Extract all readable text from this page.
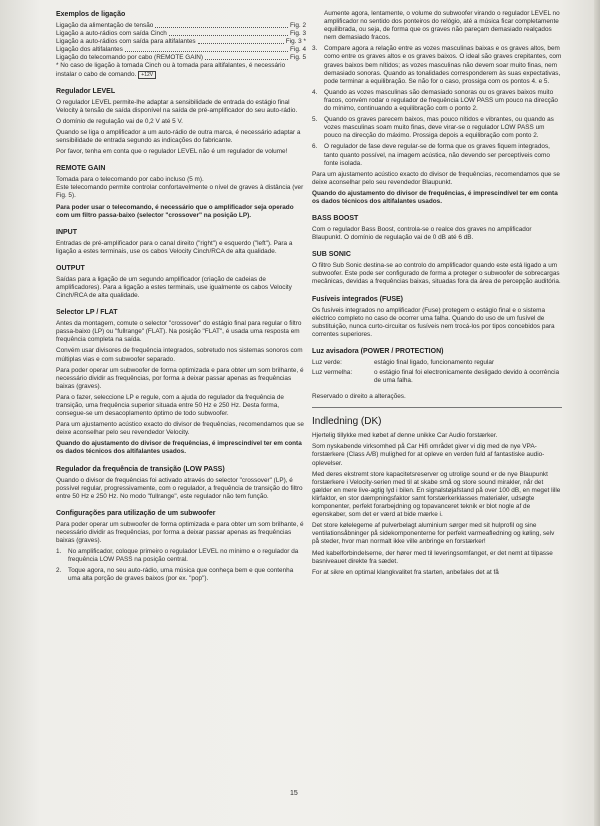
Exemplos de ligação
Ligação da alimentação de tensão	Fig. 2
Ligação a auto-rádios com saída Cinch	Fig. 3
Ligação a auto-rádios com saída para altifalantes	Fig. 3 *
Ligação dos altifalantes	Fig. 4
Ligação do telecomando por cabo (REMOTE GAIN)	Fig. 5

* No caso de ligação à tomada Cinch ou à tomada para altifalantes, é necessário instalar o cabo de comando. +12V

Regulador LEVEL

O regulador LEVEL permite-lhe adaptar a sensibilidade de entrada do estágio final Velocity à tensão de saída disponível na saída de pré-amplificador do seu auto-rádio.

O domínio de regulação vai de 0,2 V até 5 V.

Quando se liga o amplificador a um auto-rádio de outra marca, é necessário adaptar a sensibilidade de entrada segundo as indicações do fabricante.

Por favor, tenha em conta que o regulador LEVEL não é um regulador de volume!

REMOTE GAIN

Tomada para o telecomando por cabo incluso (5 m).

Este telecomando permite controlar confortavelmente o nível de graves à distância (ver Fig. 5).

Para poder usar o telecomando, é necessário que o amplificador seja operado com um filtro passa-baixo (selector "crossover" na posição LP).

INPUT

Entradas de pré-amplificador para o canal direito ("right") e esquerdo ("left"). Para a ligação a estes terminais, use os cabos Velocity Cinch/RCA de alta qualidade.

OUTPUT

Saídas para a ligação de um segundo amplificador (criação de cadeias de amplificadores). Para a ligação a estes terminais, use igualmente os cabos Velocity Cinch/RCA de alta qualidade.

Selector LP / FLAT

Antes da montagem, comute o selector "crossover" do estágio final para regular o filtro passa-baixo (LP) ou "fullrange" (FLAT). Na posição "FLAT", é usada uma resposta em frequência completa na saída.

Convém usar divisores de frequência integrados, sobretudo nos sistemas sonoros com múltiplas vias e com subwoofer separado.

Para poder operar um subwoofer de forma optimizada e para obter um som brilhante, é necessário dividir as frequências, por forma a deixar passar apenas as frequências baixas (graves).

Para o fazer, seleccione LP e regule, com a ajuda do regulador da frequência de transição, uma frequência superior situada entre 50 Hz e 250 Hz. Desta forma, consegue-se um desacoplamento óptimo de todo subwoofer.

Para um ajustamento acústico exacto do divisor de frequências, recomendamos que se deixe aconselhar pelo seu revendedor Velocity.

Quando do ajustamento do divisor de frequências, é imprescindível ter em conta os dados técnicos dos altifalantes usados.

Regulador da frequência de transição (LOW PASS)

Quando o divisor de frequências foi activado através do selector "crossover" (LP), é possível regular, progressivamente, com o regulador, a frequência de transição do filtro entre 50 Hz e 250 Hz. No modo "fullrange", este regulador não tem função.

Configurações para utilização de um subwoofer

Para poder operar um subwoofer de forma optimizada e para obter um som brilhante, é necessário dividir as frequências, por forma a deixar passar apenas as frequências baixas (graves).

1.	No amplificador, coloque primeiro o regulador LEVEL no mínimo e o regulador da frequência LOW PASS na posição central.
2.	Toque agora, no seu auto-rádio, uma música que conheça bem e que contenha uma alta porção de graves baixos (por ex. "pop").

Aumente agora, lentamente, o volume do subwoofer virando o regulador LEVEL no amplificador no sentido dos ponteiros do relógio, até a música ficar completamente equilibrada, ou seja, de forma que os graves não pareçam demasiado realçados nem demasiado fracos.

3.	Compare agora a relação entre as vozes masculinas baixas e os graves altos, bem como entre os graves altos e os graves baixos. O ideal são graves crepitantes, com graves baixos bem nítidos; as vozes masculinas não devem soar muito finas, nem demasiado sonoras. Quando as tonalidades corresponderem às suas expectativas, pode terminar a equilibração. Se não for o caso, prossiga com os pontos 4. e 5.
4.	Quando as vozes masculinas são demasiado sonoras ou os graves baixos muito fracos, convém rodar o regulador de frequência LOW PASS um pouco na direcção do mínimo, continuando a equilibração com o ponto 2.
5.	Quando os graves parecem baixos, mas pouco nítidos e vibrantes, ou quando as vozes masculinas soam muito finas, deve virar-se o regulador LOW PASS um pouco na direcção do máximo. Prossiga depois a equilibração com ponto 2.
6.	O regulador de fase deve regular-se de forma que os graves fiquem integrados, tanto quanto possível, na imagem acústica, não devendo ser perceptíveis como fonte isolada.

Para um ajustamento acústico exacto do divisor de frequências, recomendamos que se deixe aconselhar pelo seu revendedor Blaupunkt.

Quando do ajustamento do divisor de frequências, é imprescindível ter em conta os dados técnicos dos altifalantes usados.

BASS BOOST

Com o regulador Bass Boost, controla-se o realce dos graves no amplificador Blaupunkt. O domínio de regulação vai de 0 dB até 6 dB.

SUB SONIC

O filtro Sub Sonic destina-se ao controlo do amplificador quando este está ligado a um subwoofer. Este pode ser configurado de forma a proteger o subwoofer de sobrecargas mecânicas, devidas a frequências baixas, situadas fora da área de percepção auditória.

Fusíveis integrados (FUSE)

Os fusíveis integrados no amplificador (Fuse) protegem o estágio final e o sistema eléctrico completo no caso de ocorrer uma falha. Quando do uso de um fusível de substituição, nunca curto-circuitar os fusíveis nem trocá-los por tipos concebidos para correntes superiores.

Luz avisadora (POWER / PROTECTION)
Luz verde:	estágio final ligado, funcionamento regular
Luz vermelha:	o estágio final foi electronicamente desligado devido à ocorrência de uma falha.

Reservado o direito a alterações.

Indledning (DK)

Hjertelig tillykke med købet af denne unikke Car Audio forstærker.

Som nyskabende virksomhed på Car Hifi området giver vi dig med de nye VPA-forstærkere (Class A/B) mulighed for at opleve en verden fuld af fantastiske audio-oplevelser.

Med deres ekstremt store kapacitetsreserver og utrolige sound er de nye Blaupunkt forstærkere i Velocity-serien med til at skabe små og store sound mirakler, når det gælder en mere live-agtig lyd i bilen. En signalstøjafstand på over 100 dB, en meget lille klirfaktor, en stor dæmpningsfaktor samt forstærkerklasses materialer, udsøgte komponenter, perfekt forarbejdning og topavanceret teknik er blot nogle af de egenskaber, som det er værd at bide mærke i.

Det store kølelegeme af pulverbelagt aluminium sørger med sit hulprofil og sine ventilationsåbninger på sidekomponenterne for perfekt varmeafledning og køling, selv på steder, hvor man normalt ikke ville anbringe en forstærker!

Med kabelforbindelserne, der hører med til leveringsomfanget, er det nemt at tilpasse basniveauet direkte fra sædet.

For at sikre en optimal klangkvalitet fra starten, anbefales det at få

15
